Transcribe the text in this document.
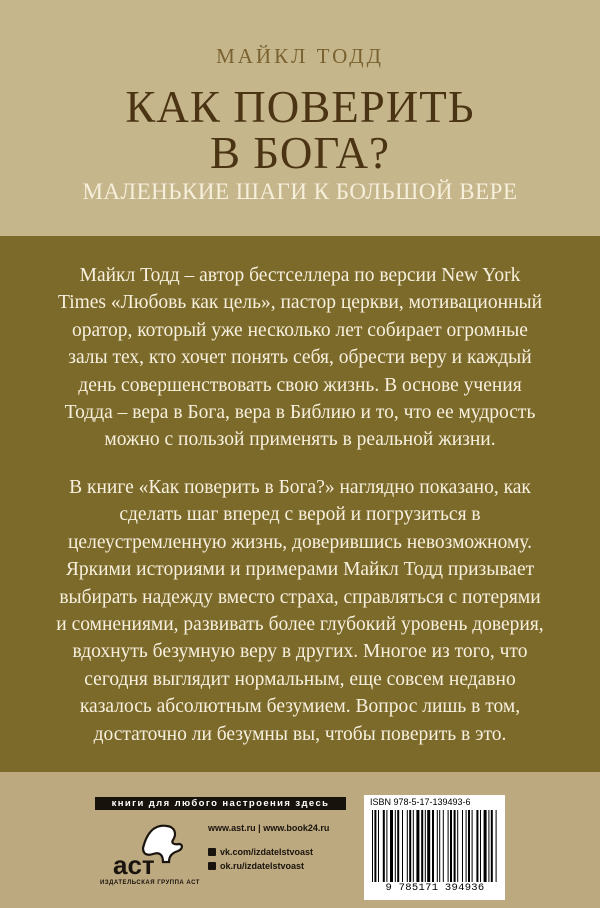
МАЙКЛ ТОДД
КАК ПОВЕРИТЬ
В БОГА?
МАЛЕНЬКИЕ ШАГИ К БОЛЬШОЙ ВЕРЕ
Майкл Тодд – автор бестселлера по версии New York Times «Любовь как цель», пастор церкви, мотивационный оратор, который уже несколько лет собирает огромные залы тех, кто хочет понять себя, обрести веру и каждый день совершенствовать свою жизнь. В основе учения Тодда – вера в Бога, вера в Библию и то, что ее мудрость можно с пользой применять в реальной жизни.
В книге «Как поверить в Бога?» наглядно показано, как сделать шаг вперед с верой и погрузиться в целеустремленную жизнь, доверившись невозможному. Яркими историями и примерами Майкл Тодд призывает выбирать надежду вместо страха, справляться с потерями и сомнениями, развивать более глубокий уровень доверия, вдохнуть безумную веру в других. Многое из того, что сегодня выглядит нормальным, еще совсем недавно казалось абсолютным безумием. Вопрос лишь в том, достаточно ли безумны вы, чтобы поверить в это.
книги для любого настроения здесь
аст
ИЗДАТЕЛЬСКАЯ ГРУППА АСТ
www.ast.ru | www.book24.ru
vk.com/izdatelstvoast
ok.ru/izdatelstvoast
ISBN 978-5-17-139493-6
9 785171 394936
